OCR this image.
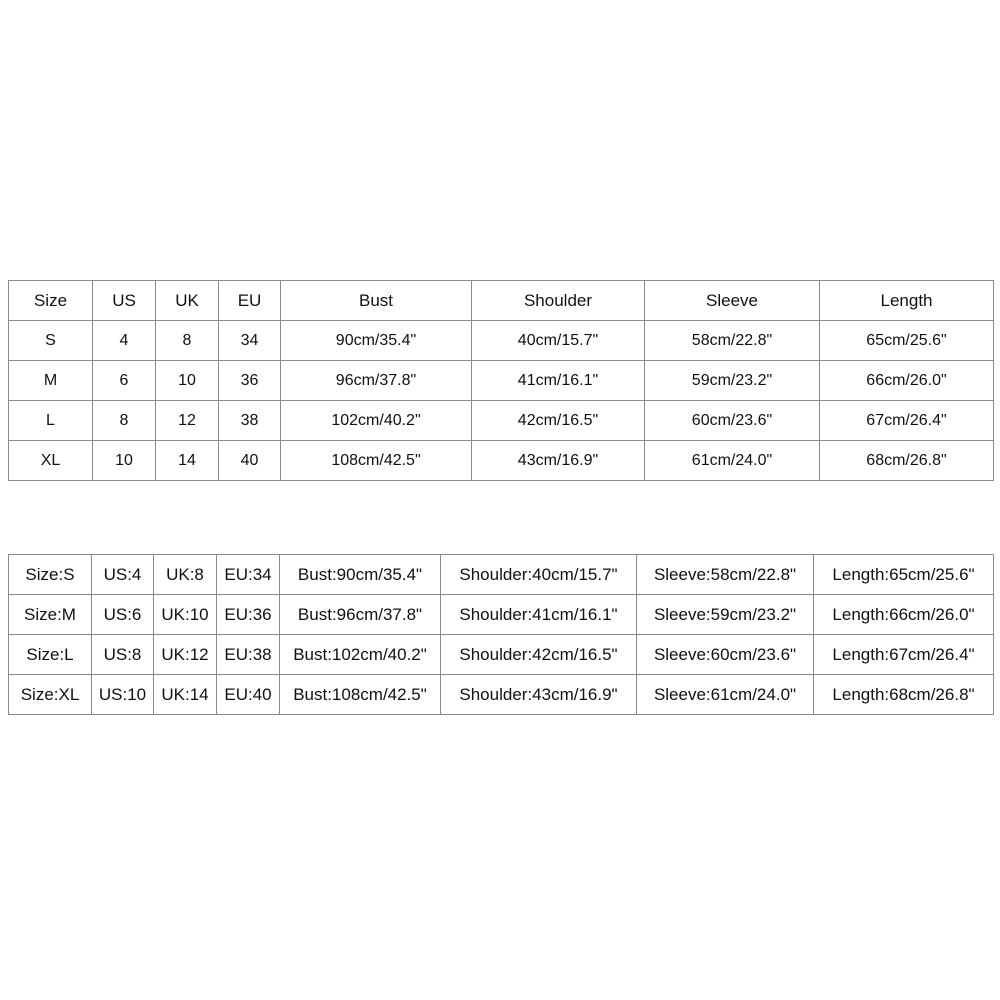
Size	US	UK	EU	Bust	Shoulder	Sleeve	Length
S	4	8	34	90cm/35.4"	40cm/15.7"	58cm/22.8"	65cm/25.6"
M	6	10	36	96cm/37.8"	41cm/16.1"	59cm/23.2"	66cm/26.0"
L	8	12	38	102cm/40.2"	42cm/16.5"	60cm/23.6"	67cm/26.4"
XL	10	14	40	108cm/42.5"	43cm/16.9"	61cm/24.0"	68cm/26.8"
Size:S	US:4	UK:8	EU:34	Bust:90cm/35.4"	Shoulder:40cm/15.7"	Sleeve:58cm/22.8"	Length:65cm/25.6"
Size:M	US:6	UK:10	EU:36	Bust:96cm/37.8"	Shoulder:41cm/16.1"	Sleeve:59cm/23.2"	Length:66cm/26.0"
Size:L	US:8	UK:12	EU:38	Bust:102cm/40.2"	Shoulder:42cm/16.5"	Sleeve:60cm/23.6"	Length:67cm/26.4"
Size:XL	US:10	UK:14	EU:40	Bust:108cm/42.5"	Shoulder:43cm/16.9"	Sleeve:61cm/24.0"	Length:68cm/26.8"
